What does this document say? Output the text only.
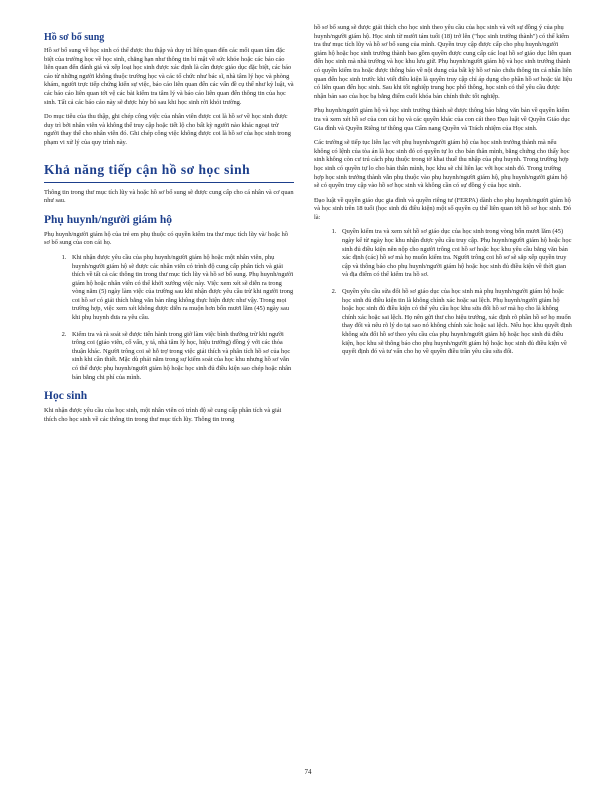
Hồ sơ bổ sung

Hồ sơ bổ sung về học sinh có thể được thu thập và duy trì liên quan đến các mối quan tâm đặc biệt của trường học về học sinh, chẳng hạn như thông tin bí mật về sức khỏe hoặc các báo cáo liên quan đến đánh giá và xếp loại học sinh được xác định là cần được giáo dục đặc biệt, các báo cáo từ những người không thuộc trường học và các tổ chức như bác sĩ, nhà tâm lý học và phòng khám, người trực tiếp chứng kiến sự việc, báo cáo liên quan đến các vấn đề cụ thể như kỷ luật, và các báo cáo liên quan tới vệ các bài kiểm tra tâm lý và báo cáo liên quan đến thông tin của học sinh. Tất cả các báo cáo này sẽ được hủy bỏ sau khi học sinh rời khỏi trường.

Do mục tiêu của thu thập, ghi chép công việc của nhân viên được coi là hồ sơ về học sinh được duy trì bởi nhân viên và không thể truy cập hoặc tiết lộ cho bất kỳ người nào khác ngoại trừ người thay thế cho nhân viên đó. Ghi chép công việc không được coi là hồ sơ của học sinh trong phạm vi xử lý của quy trình này.

Khả năng tiếp cận hồ sơ học sinh

Thông tin trong thư mục tích lũy và hoặc hồ sơ bổ sung sẽ được cung cấp cho cá nhân và cơ quan như sau.

Phụ huynh/người giám hộ

Phụ huynh/người giám hộ của trẻ em phụ thuộc có quyền kiểm tra thư mục tích lũy và/ hoặc hồ sơ bổ sung của con cái họ.

1. Khi nhận được yêu cầu của phụ huynh/người giám hộ hoặc một nhân viên, phụ huynh/người giám hộ sẽ được các nhân viên có trình độ cung cấp phân tích và giải thích về tất cả các thông tin trong thư mục tích lũy và hồ sơ bổ sung. Phụ huynh/người giám hộ hoặc nhân viên có thể khởi xướng việc này. Việc xem xét sẽ diễn ra trong vòng năm (5) ngày làm việc của trường sau khi nhận được yêu cầu trừ khi người trong coi hồ sơ có giải thích bằng văn bản rằng không thực hiện được như vậy. Trong mọi trường hợp, việc xem xét không được diễn ra muộn hơn bốn mươi lăm (45) ngày sau khi phụ huynh đưa ra yêu cầu.
2. Kiểm tra và rà soát sẽ được tiến hành trong giờ làm việc bình thường trừ khi người trông coi (giáo viên, cố vấn, y tá, nhà tâm lý học, hiệu trưởng) đồng ý với các thỏa thuận khác. Người trông coi sẽ hỗ trợ trong việc giải thích và phân tích hồ sơ của học sinh khi cần thiết. Mặc dù phải năm trong sự kiểm soát của học khu nhưng hồ sơ vẫn có thể được phụ huynh/người giám hộ hoặc học sinh đủ điều kiện sao chép hoặc nhân bản bằng chi phí của mình.
Học sinh

Khi nhận được yêu cầu của học sinh, một nhân viên có trình độ sẽ cung cấp phân tích và giải thích cho học sinh về các thông tin trong thư mục tích lũy. Thông tin trong

hồ sơ bổ sung sẽ được giải thích cho học sinh theo yêu cầu của học sinh và với sự đồng ý của phụ huynh/người giám hộ. Học sinh từ mười tám tuổi (18) trở lên ("học sinh trưởng thành") có thể kiểm tra thư mục tích lũy và hồ sơ bổ sung của mình. Quyền truy cập được cấp cho phụ huynh/người giám hộ hoặc học sinh trưởng thành bao gồm quyền được cung cấp các loại hồ sơ giáo dục liên quan đến học sinh mà nhà trường và học khu lưu giữ. Phụ huynh/người giám hộ và học sinh trưởng thành có quyền kiểm tra hoặc được thông báo về nội dung của bất kỳ hồ sơ nào chứa thông tin cá nhân liên quan đến học sinh trước khi viết điều kiện là quyền truy cập chỉ áp dụng cho phần hồ sơ hoặc tài liệu có liên quan đến học sinh. Sau khi tốt nghiệp trung học phổ thông, học sinh có thể yêu cầu được nhận bản sao của học bạ bằng điểm cuối khóa bản chính thức tốt nghiệp.

Phụ huynh/người giám hộ và học sinh trưởng thành sẽ được thông báo bằng văn bản về quyền kiểm tra và xem xét hồ sơ của con cái họ và các quyền khác của con cái theo Đạo luật về Quyền Giáo dục Gia đình và Quyền Riêng tư thông qua Cẩm nang Quyền và Trách nhiệm của Học sinh.

Các trường sẽ tiếp tục liên lạc với phụ huynh/người giám hộ của học sinh trưởng thành mà nếu không có lệnh của tòa án là học sinh đó có quyền tự lo cho bản thân mình, bằng chứng cho thấy học sinh không còn cư trú cách phụ thuộc trong tờ khai thuế thu nhập của phụ huynh. Trong trường hợp học sinh có quyền tự lo cho bản thân mình, học khu sẽ chỉ liên lạc với học sinh đó. Trong trường hợp học sinh trưởng thành vẫn phụ thuộc vào phụ huynh/người giám hộ, phụ huynh/người giám hộ sẽ có quyền truy cập vào hồ sơ học sinh và không cần có sự đồng ý của học sinh.

Đạo luật về quyền giáo dục gia đình và quyền riêng tư (FERPA) dành cho phụ huynh/người giám hộ và học sinh trên 18 tuổi (học sinh đủ điều kiện) một số quyền cụ thể liên quan tới hồ sơ học sinh. Đó là:

1. Quyền kiểm tra và xem xét hồ sơ giáo dục của học sinh trong vòng bốn mươi lăm (45) ngày kể từ ngày học khu nhận được yêu cầu truy cập. Phụ huynh/người giám hộ hoặc học sinh đủ điều kiện nên nộp cho người trông coi hồ sơ hoặc học khu yêu cầu bằng văn bản xác định (các) hồ sơ mà họ muốn kiểm tra. Người trông coi hồ sơ sẽ sắp xếp quyền truy cập và thông báo cho phụ huynh/người giám hộ hoặc học sinh đủ điều kiện về thời gian và địa điểm có thể kiểm tra hồ sơ.
2. Quyền yêu cầu sửa đổi hồ sơ giáo dục của học sinh mà phụ huynh/người giám hộ hoặc học sinh đủ điều kiện tin là không chính xác hoặc sai lệch. Phụ huynh/người giám hộ hoặc học sinh đủ điều kiện có thể yêu cầu học khu sửa đổi hồ sơ mà họ cho là không chính xác hoặc sai lệch. Họ nên gửi thư cho hiệu trưởng, xác định rõ phần hồ sơ họ muốn thay đổi và nêu rõ lý do tại sao nó không chính xác hoặc sai lệch. Nếu học khu quyết định không sửa đổi hồ sơ theo yêu cầu của phụ huynh/người giám hộ hoặc học sinh đủ điều kiện, học khu sẽ thông báo cho phụ huynh/người giám hộ hoặc học sinh đủ điều kiện về quyết định đó và tư vấn cho họ về quyền điều trần yêu cầu sửa đổi.
74
